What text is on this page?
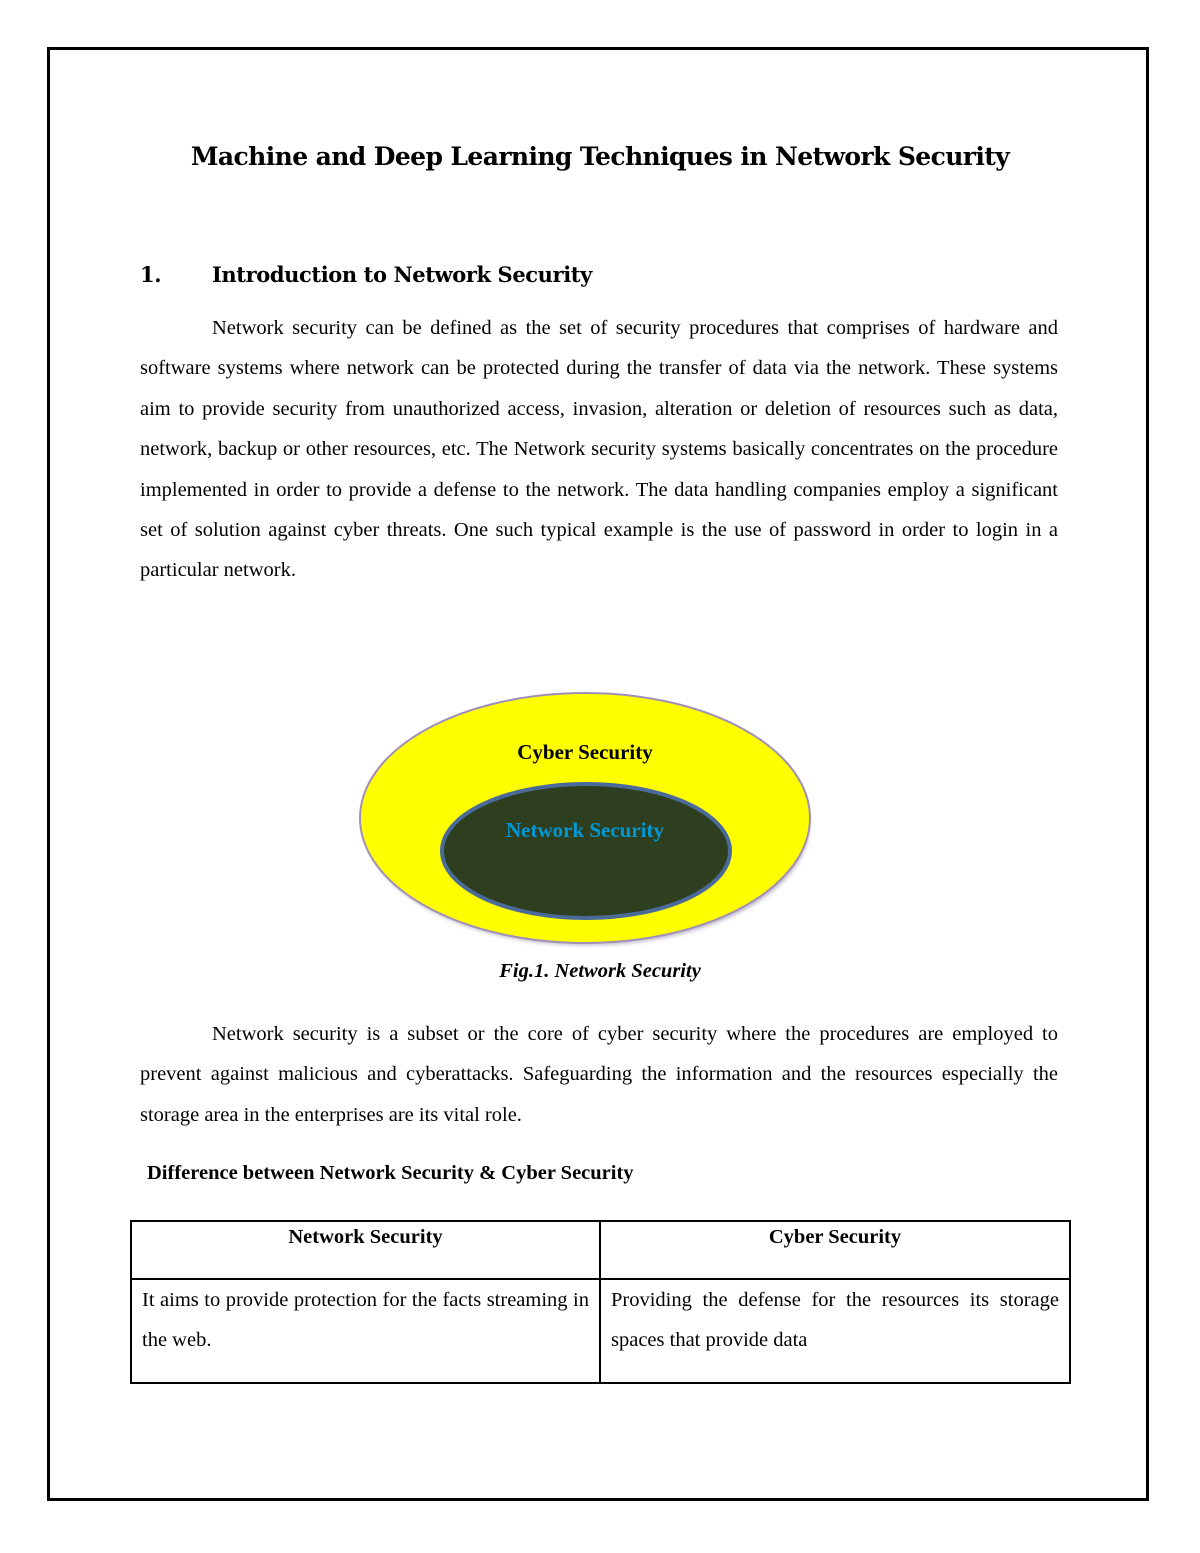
Machine and Deep Learning Techniques in Network Security
1. Introduction to Network Security

Network security can be defined as the set of security procedures that comprises of hardware and software systems where network can be protected during the transfer of data via the network. These systems aim to provide security from unauthorized access, invasion, alteration or deletion of resources such as data, network, backup or other resources, etc. The Network security systems basically concentrates on the procedure implemented in order to provide a defense to the network. The data handling companies employ a significant set of solution against cyber threats. One such typical example is the use of password in order to login in a particular network.

Cyber Security
Network Security
Fig.1. Network Security

Network security is a subset or the core of cyber security where the procedures are employed to prevent against malicious and cyberattacks. Safeguarding the information and the resources especially the storage area in the enterprises are its vital role.

Difference between Network Security & Cyber Security
Network Security	Cyber Security
It aims to provide protection for the facts streaming in the web.	Providing the defense for the resources its storage spaces that provide data
